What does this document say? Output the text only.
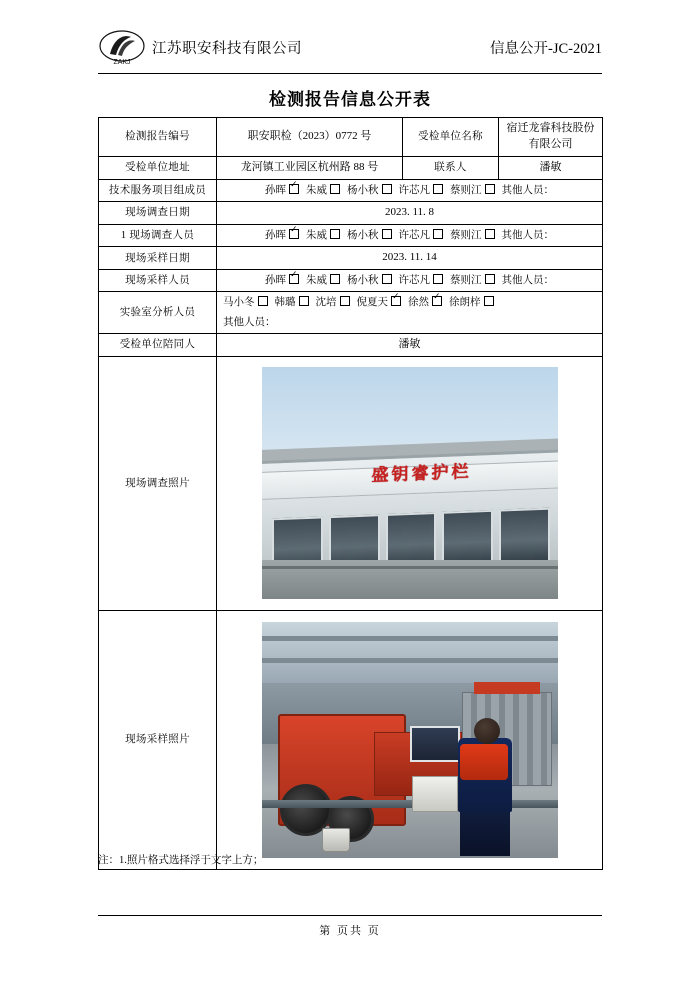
ZAKJ
江苏职安科技有限公司	信息公开-JC-2021
检测报告信息公开表
检测报告编号	职安职检（2023）0772 号	受检单位名称	宿迁龙睿科技股份有限公司
受检单位地址	龙河镇工业园区杭州路 88 号	联系人	潘敏
技术服务项目组成员	孙晖 ✓ 朱威 杨小秋 许芯凡 蔡则江 其他人员：
现场调查日期	2023. 11. 8		
1 现场调查人员	孙晖 ✓ 朱威 杨小秋 许芯凡 蔡则江 其他人员：
现场采样日期	2023. 11. 14		
现场采样人员	孙晖 ✓ 朱威 杨小秋 许芯凡 蔡则江 其他人员：
实验室分析人员	马小冬 韩璐 沈培 倪夏天 ✓ 徐然 ✓ 徐朗梓
其他人员：

受检单位陪同人	潘敏		
现场调查照片	盛 钥 睿 护 栏		

现场采样照片			
注：1.照片格式选择浮于文字上方；
第 页共 页
